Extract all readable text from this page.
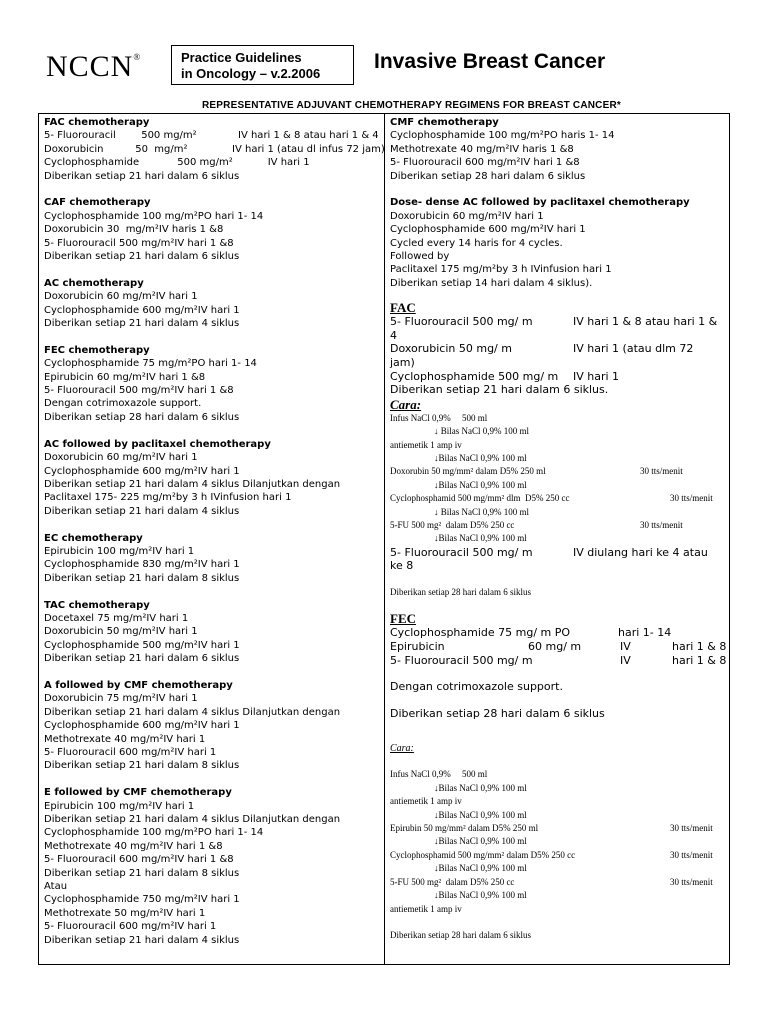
NCCN®	Practice Guidelines
in Oncology – v.2.2006
Invasive Breast Cancer
REPRESENTATIVE ADJUVANT CHEMOTHERAPY REGIMENS FOR BREAST CANCER*
FAC chemotherapy
5- Fluorouracil        500 mg/m²             IV hari 1 & 8 atau hari 1 & 4
Doxorubicin          50  mg/m²              IV hari 1 (atau dl infus 72 jam)
Cyclophosphamide            500 mg/m²           IV hari 1
Diberikan setiap 21 hari dalam 6 siklus
CAF chemotherapy
Cyclophosphamide 100 mg/m²PO hari 1- 14
Doxorubicin 30  mg/m²IV haris 1 &8
5- Fluorouracil 500 mg/m²IV hari 1 &8
Diberikan setiap 21 hari dalam 6 siklus
AC chemotherapy
Doxorubicin 60 mg/m²IV hari 1
Cyclophosphamide 600 mg/m²IV hari 1
Diberikan setiap 21 hari dalam 4 siklus
FEC chemotherapy
Cyclophosphamide 75 mg/m²PO hari 1- 14
Epirubicin 60 mg/m²IV hari 1 &8
5- Fluorouracil 500 mg/m²IV hari 1 &8
Dengan cotrimoxazole support.
Diberikan setiap 28 hari dalam 6 siklus
AC followed by paclitaxel chemotherapy
Doxorubicin 60 mg/m²IV hari 1
Cyclophosphamide 600 mg/m²IV hari 1
Diberikan setiap 21 hari dalam 4 siklus Dilanjutkan dengan
Paclitaxel 175- 225 mg/m²by 3 h IVinfusion hari 1
Diberikan setiap 21 hari dalam 4 siklus
EC chemotherapy
Epirubicin 100 mg/m²IV hari 1
Cyclophosphamide 830 mg/m²IV hari 1
Diberikan setiap 21 hari dalam 8 siklus
TAC chemotherapy
Docetaxel 75 mg/m²IV hari 1
Doxorubicin 50 mg/m²IV hari 1
Cyclophosphamide 500 mg/m²IV hari 1
Diberikan setiap 21 hari dalam 6 siklus
A followed by CMF chemotherapy
Doxorubicin 75 mg/m²IV hari 1
Diberikan setiap 21 hari dalam 4 siklus Dilanjutkan dengan
Cyclophosphamide 600 mg/m²IV hari 1
Methotrexate 40 mg/m²IV hari 1
5- Fluorouracil 600 mg/m²IV hari 1
Diberikan setiap 21 hari dalam 8 siklus
E followed by CMF chemotherapy
Epirubicin 100 mg/m²IV hari 1
Diberikan setiap 21 hari dalam 4 siklus Dilanjutkan dengan
Cyclophosphamide 100 mg/m²PO hari 1- 14
Methotrexate 40 mg/m²IV hari 1 &8
5- Fluorouracil 600 mg/m²IV hari 1 &8
Diberikan setiap 21 hari dalam 8 siklus
Atau
Cyclophosphamide 750 mg/m²IV hari 1
Methotrexate 50 mg/m²IV hari 1
5- Fluorouracil 600 mg/m²IV hari 1
Diberikan setiap 21 hari dalam 4 siklus
CMF chemotherapy
Cyclophosphamide 100 mg/m²PO haris 1- 14
Methotrexate 40 mg/m²IV haris 1 &8
5- Fluorouracil 600 mg/m²IV hari 1 &8
Diberikan setiap 28 hari dalam 6 siklus
Dose- dense AC followed by paclitaxel chemotherapy
Doxorubicin 60 mg/m²IV hari 1
Cyclophosphamide 600 mg/m²IV hari 1
Cycled every 14 haris for 4 cycles.
Followed by
Paclitaxel 175 mg/m²by 3 h IVinfusion hari 1
Diberikan setiap 14 hari dalam 4 siklus).
FAC
5- Fluorouracil 500 mg/ m	IV hari 1 & 8 atau hari 1 &
4
Doxorubicin 50 mg/ m	IV hari 1 (atau dlm 72
jam)
Cyclophosphamide 500 mg/ m IV hari 1
Diberikan setiap 21 hari dalam 6 siklus.
Cara:
Infus NaCl 0,9%     500 ml
↓ Bilas NaCl 0,9% 100 ml
antiemetik 1 amp iv
↓Bilas NaCl 0,9% 100 ml
Doxorubin 50 mg/mm² dalam D5% 250 ml	30 tts/menit
↓Bilas NaCl 0,9% 100 ml
Cyclophosphamid 500 mg/mm² dlm  D5% 250 cc	30 tts/menit
↓ Bilas NaCl 0,9% 100 ml
5-FU 500 mg²  dalam D5% 250 cc	30 tts/menit
↓Bilas NaCl 0,9% 100 ml
5- Fluorouracil 500 mg/ m	IV diulang hari ke 4 atau
ke 8
Diberikan setiap 28 hari dalam 6 siklus
FEC
Cyclophosphamide 75 mg/ m PO	hari 1- 14
Epirubicin	60 mg/ m	IV	hari 1 & 8
5- Fluorouracil 500 mg/ m	IV	hari 1 & 8
Dengan cotrimoxazole support.
Diberikan setiap 28 hari dalam 6 siklus
Cara:
Infus NaCl 0,9%     500 ml
↓Bilas NaCl 0,9% 100 ml
antiemetik 1 amp iv
↓Bilas NaCl 0,9% 100 ml
Epirubin 50 mg/mm² dalam D5% 250 ml	30 tts/menit
↓Bilas NaCl 0,9% 100 ml
Cyclophosphamid 500 mg/mm² dalam D5% 250 cc	30 tts/menit
↓Bilas NaCl 0,9% 100 ml
5-FU 500 mg²  dalam D5% 250 cc	30 tts/menit
↓Bilas NaCl 0,9% 100 ml
antiemetik 1 amp iv
Diberikan setiap 28 hari dalam 6 siklus
